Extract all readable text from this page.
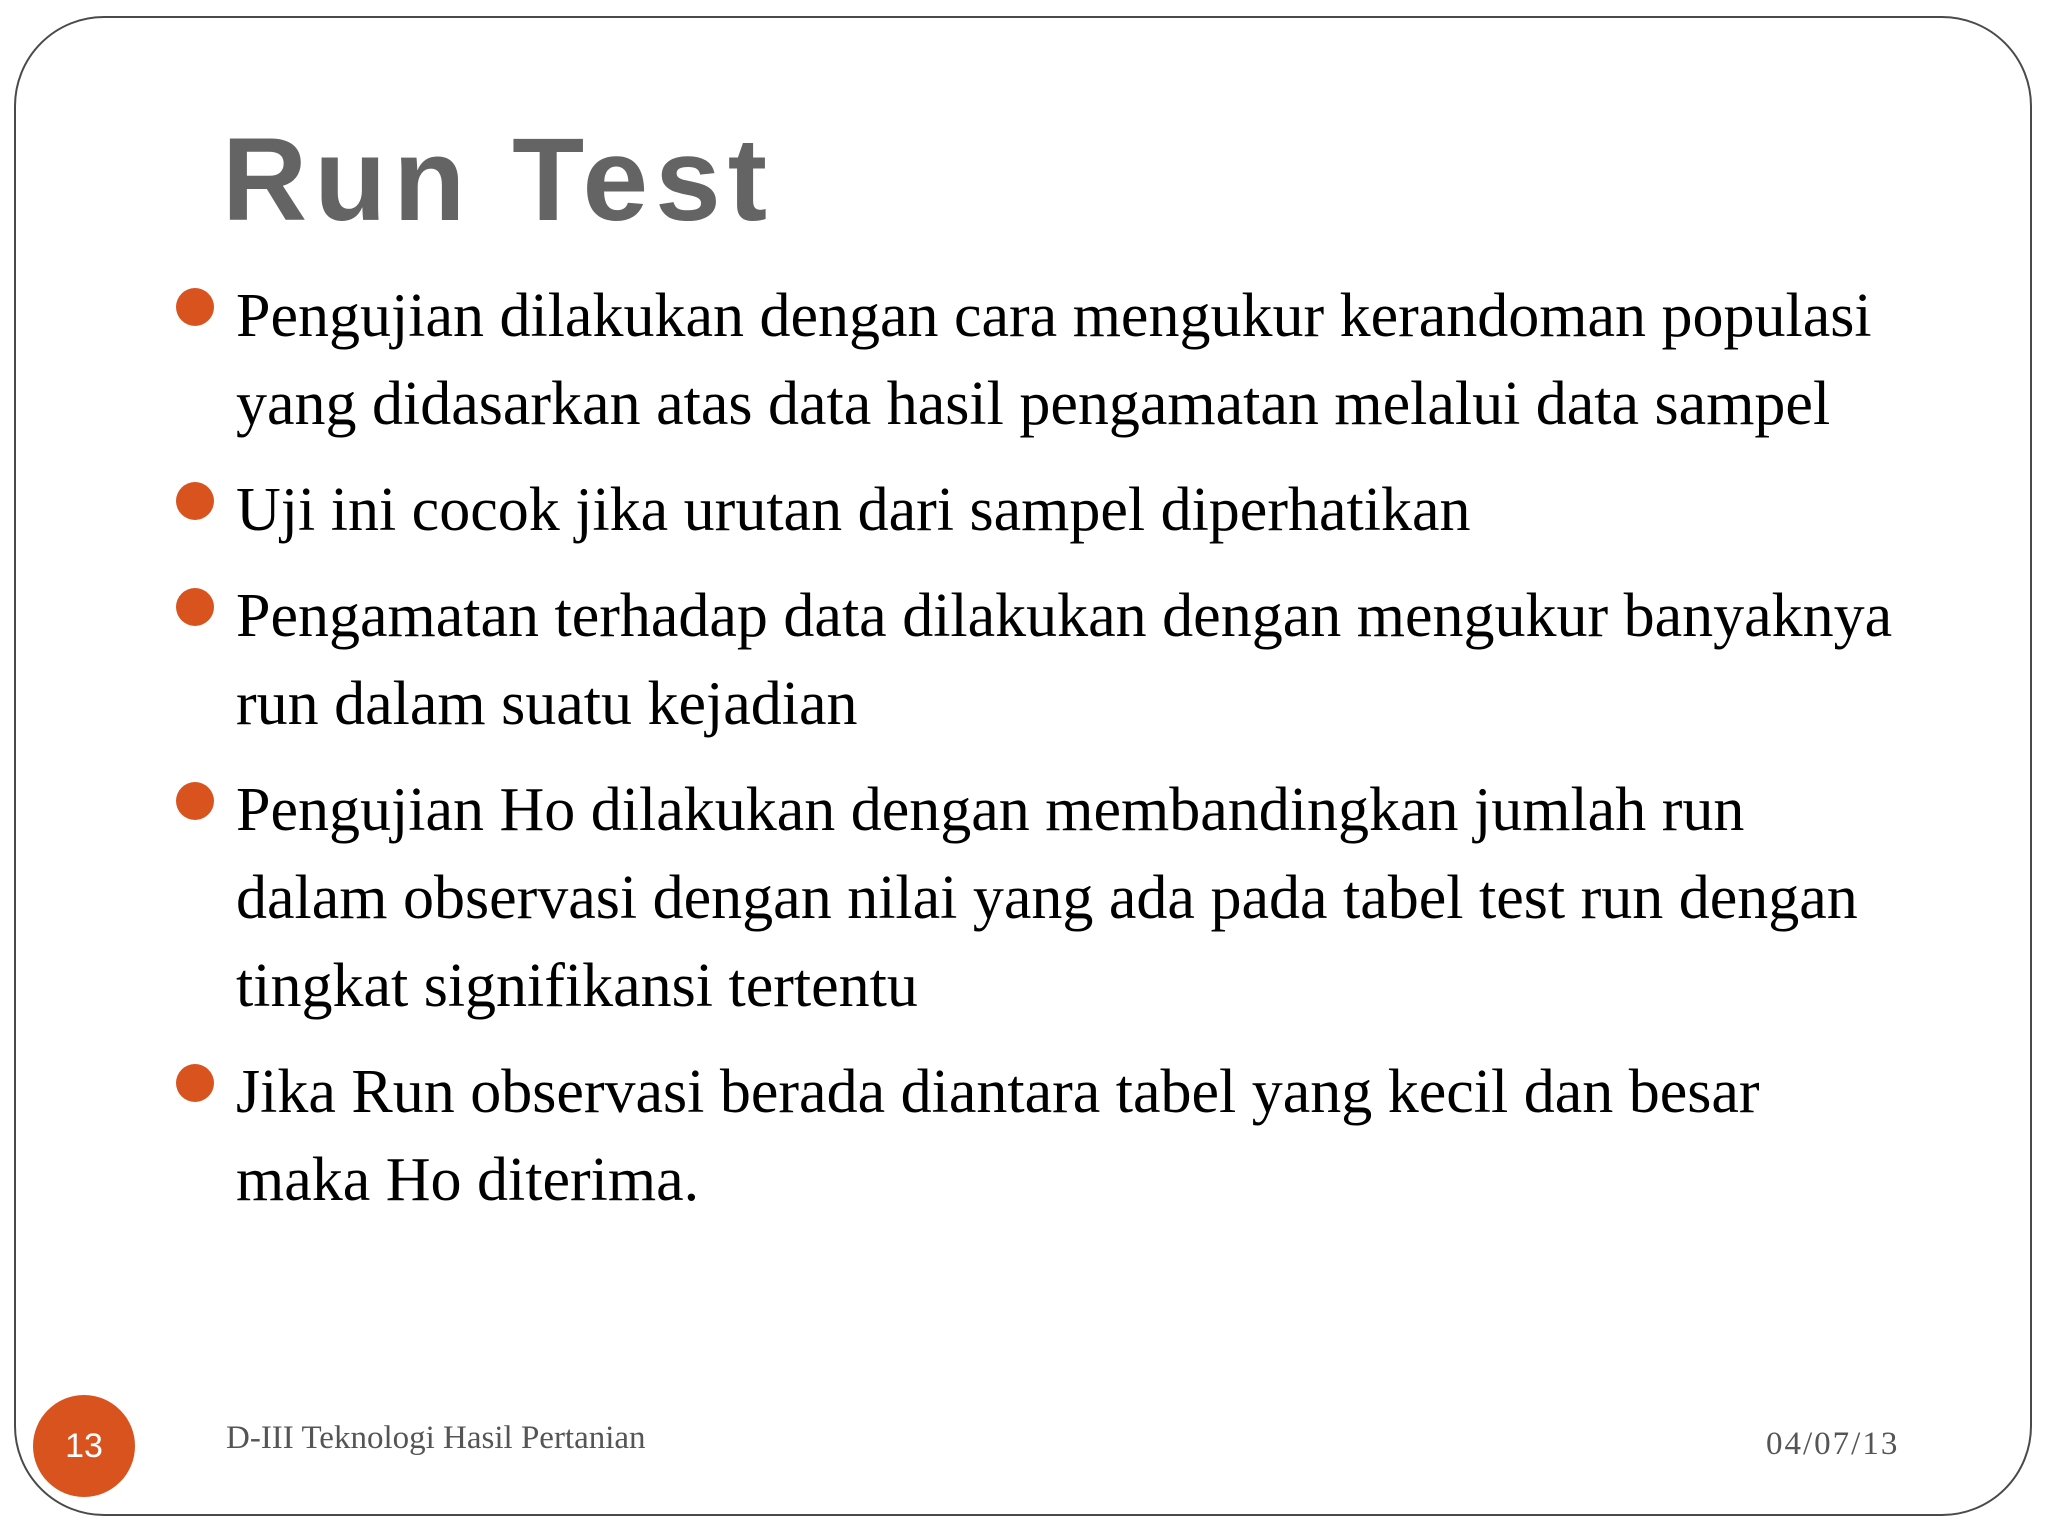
Run Test
Pengujian dilakukan dengan cara mengukur kerandoman populasi yang didasarkan atas data hasil pengamatan melalui data sampel
Uji ini cocok jika urutan dari sampel diperhatikan
Pengamatan terhadap data dilakukan dengan mengukur banyaknya run dalam suatu kejadian
Pengujian Ho dilakukan dengan membandingkan jumlah run dalam observasi dengan nilai yang ada pada tabel test run dengan tingkat signifikansi tertentu
Jika Run observasi berada diantara tabel yang kecil dan besar maka Ho diterima.
13	D-III Teknologi Hasil Pertanian	04/07/13
